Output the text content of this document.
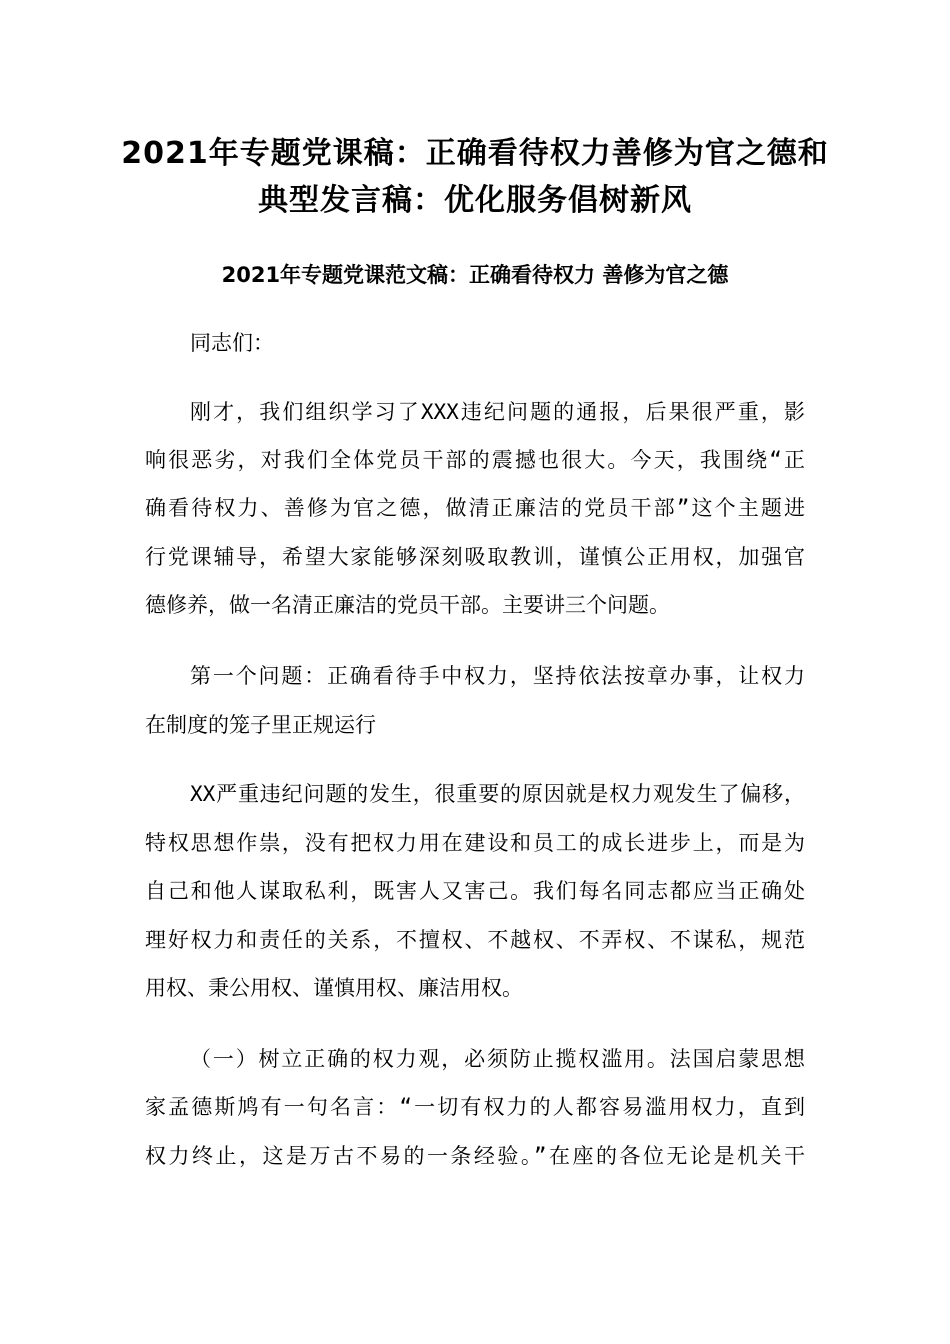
2021年专题党课稿：正确看待权力善修为官之德和
典型发言稿：优化服务倡树新风
2021年专题党课范文稿：正确看待权力 善修为官之德
同志们：
刚才，我们组织学习了XXX违纪问题的通报，后果很严重，影
响很恶劣，对我们全体党员干部的震撼也很大。今天，我围绕“正
确看待权力、善修为官之德，做清正廉洁的党员干部”这个主题进
行党课辅导，希望大家能够深刻吸取教训，谨慎公正用权，加强官
德修养，做一名清正廉洁的党员干部。主要讲三个问题。
第一个问题：正确看待手中权力，坚持依法按章办事，让权力
在制度的笼子里正规运行
XX严重违纪问题的发生，很重要的原因就是权力观发生了偏移，
特权思想作祟，没有把权力用在建设和员工的成长进步上，而是为
自己和他人谋取私利，既害人又害己。我们每名同志都应当正确处
理好权力和责任的关系，不擅权、不越权、不弄权、不谋私，规范
用权、秉公用权、谨慎用权、廉洁用权。
（一）树立正确的权力观，必须防止揽权滥用。法国启蒙思想
家孟德斯鸠有一句名言：“一切有权力的人都容易滥用权力，直到
权力终止，这是万古不易的一条经验。”在座的各位无论是机关干
